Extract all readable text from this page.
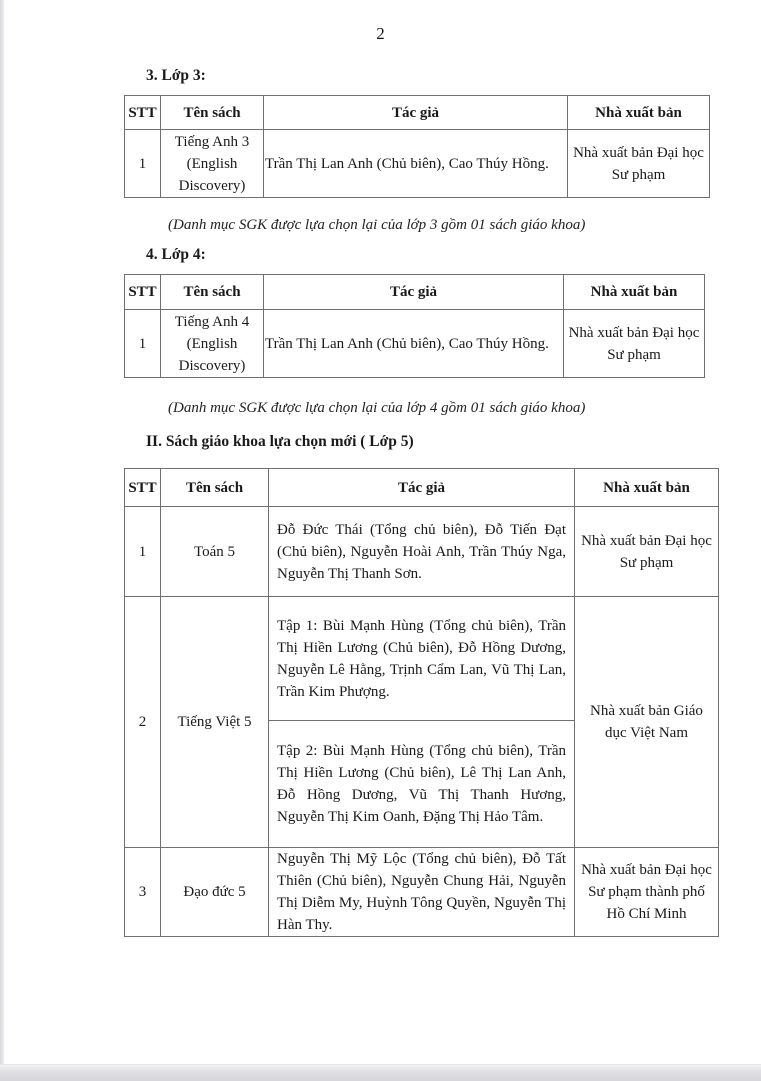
2
3. Lớp 3:
STT	Tên sách	Tác giả	Nhà xuất bản
1	Tiếng Anh 3 (English Discovery)	Trần Thị Lan Anh (Chủ biên), Cao Thúy Hồng.	Nhà xuất bản Đại học Sư phạm
(Danh mục SGK được lựa chọn lại của lớp 3 gồm 01 sách giáo khoa)
4. Lớp 4:
STT	Tên sách	Tác giả	Nhà xuất bản
1	Tiếng Anh 4 (English Discovery)	Trần Thị Lan Anh (Chủ biên), Cao Thúy Hồng.	Nhà xuất bản Đại học Sư phạm
(Danh mục SGK được lựa chọn lại của lớp 4 gồm 01 sách giáo khoa)
II. Sách giáo khoa lựa chọn mới ( Lớp 5)
STT	Tên sách	Tác giả	Nhà xuất bản
1	Toán 5	Đỗ Đức Thái (Tổng chủ biên), Đỗ Tiến Đạt (Chủ biên), Nguyễn Hoài Anh, Trần Thúy Nga, Nguyễn Thị Thanh Sơn.	Nhà xuất bản Đại học Sư phạm
2	Tiếng Việt 5	Tập 1: Bùi Mạnh Hùng (Tổng chủ biên), Trần Thị Hiền Lương (Chủ biên), Đỗ Hồng Dương, Nguyễn Lê Hằng, Trịnh Cẩm Lan, Vũ Thị Lan, Trần Kim Phượng.	Nhà xuất bản Giáo dục Việt Nam
		Tập 2: Bùi Mạnh Hùng (Tổng chủ biên), Trần Thị Hiền Lương (Chủ biên), Lê Thị Lan Anh, Đỗ Hồng Dương, Vũ Thị Thanh Hương, Nguyễn Thị Kim Oanh, Đặng Thị Hảo Tâm.	
3	Đạo đức 5	Nguyễn Thị Mỹ Lộc (Tổng chủ biên), Đỗ Tất Thiên (Chủ biên), Nguyễn Chung Hải, Nguyễn Thị Diễm My, Huỳnh Tông Quyền, Nguyễn Thị Hàn Thy.	Nhà xuất bản Đại học Sư phạm thành phố Hồ Chí Minh
